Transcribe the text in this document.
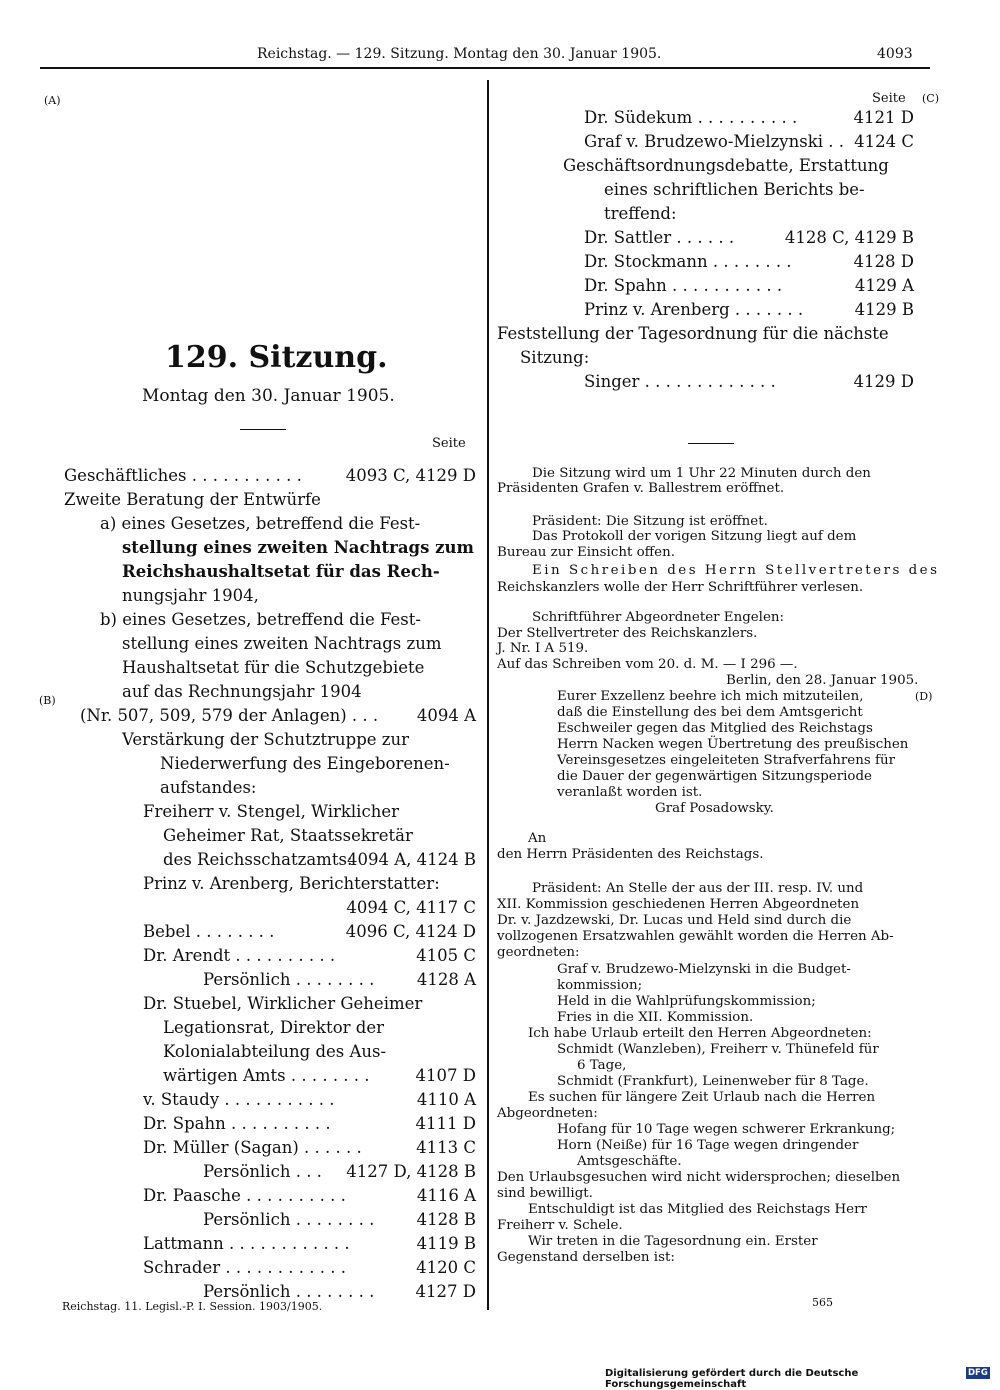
Reichstag. — 129. Sitzung. Montag den 30. Januar 1905.	4093
(A)
(B)
(C)
(D)
129. Sitzung.
Montag den 30. Januar 1905.
Seite
Seite
Geschäftliches . . . . . . . . . . .	4093 C, 4129 D
Zweite Beratung der Entwürfe
a) eines Gesetzes, betreffend die Fest-
stellung eines zweiten Nachtrags zum
Reichshaushaltsetat für das Rech-
nungsjahr 1904,
b) eines Gesetzes, betreffend die Fest-
stellung eines zweiten Nachtrags zum
Haushaltsetat für die Schutzgebiete
auf das Rechnungsjahr 1904
(Nr. 507, 509, 579 der Anlagen) . . . 4094 A
Verstärkung der Schutztruppe zur
Niederwerfung des Eingeborenen-
aufstandes:
Freiherr v. Stengel, Wirklicher
Geheimer Rat, Staatssekretär
des Reichsschatzamts:
4094 A, 4124 B
Prinz v. Arenberg, Berichterstatter:
4094 C, 4117 C
Bebel . . . . . . . .	4096 C, 4124 D
Dr. Arendt . . . . . . . . . .	4105 C
Persönlich . . . . . . . .	4128 A
Dr. Stuebel, Wirklicher Geheimer
Legationsrat, Direktor der
Kolonialabteilung des Aus-
wärtigen Amts . . . . . . . .	4107 D
v. Staudy . . . . . . . . . . .	4110 A
Dr. Spahn . . . . . . . . . .	4111 D
Dr. Müller (Sagan) . . . . . .	4113 C
Persönlich . . . 4127 D, 4128 B
Dr. Paasche . . . . . . . . . .	4116 A
Persönlich . . . . . . . .	4128 B
Lattmann . . . . . . . . . . . .	4119 B
Schrader . . . . . . . . . . . .	4120 C
Persönlich . . . . . . . . 4127 D
Dr. Südekum . . . . . . . . . .	4121 D
Graf v. Brudzewo-Mielzynski . . 4124 C
Geschäftsordnungsdebatte, Erstattung
eines schriftlichen Berichts be-
treffend:
Dr. Sattler . . . . . .	4128 C, 4129 B
Dr. Stockmann . . . . . . . .	4128 D
Dr. Spahn . . . . . . . . . . .	4129 A
Prinz v. Arenberg . . . . . . .	4129 B
Feststellung der Tagesordnung für die nächste
Sitzung:
Singer . . . . . . . . . . . . .	4129 D
Die Sitzung wird um 1 Uhr 22 Minuten durch den
Präsidenten Grafen v. Ballestrem eröffnet.
Präsident: Die Sitzung ist eröffnet.
Das Protokoll der vorigen Sitzung liegt auf dem
Bureau zur Einsicht offen.
Ein Schreiben des Herrn Stellvertreters des
Reichskanzlers wolle der Herr Schriftführer verlesen.
Schriftführer Abgeordneter Engelen:
Der Stellvertreter des Reichskanzlers.
J. Nr. I A 519.
Auf das Schreiben vom 20. d. M. — I 296 —.
Berlin, den 28. Januar 1905.
Eurer Exzellenz beehre ich mich mitzuteilen,
daß die Einstellung des bei dem Amtsgericht
Eschweiler gegen das Mitglied des Reichstags
Herrn Nacken wegen Übertretung des preußischen
Vereinsgesetzes eingeleiteten Strafverfahrens für
die Dauer der gegenwärtigen Sitzungsperiode
veranlaßt worden ist.
Graf Posadowsky.
An
den Herrn Präsidenten des Reichstags.
Präsident: An Stelle der aus der III. resp. IV. und
XII. Kommission geschiedenen Herren Abgeordneten
Dr. v. Jazdzewski, Dr. Lucas und Held sind durch die
vollzogenen Ersatzwahlen gewählt worden die Herren Ab-
geordneten:
Graf v. Brudzewo-Mielzynski in die Budget-
kommission;
Held in die Wahlprüfungskommission;
Fries in die XII. Kommission.
Ich habe Urlaub erteilt den Herren Abgeordneten:
Schmidt (Wanzleben), Freiherr v. Thünefeld für
6 Tage,
Schmidt (Frankfurt), Leinenweber für 8 Tage.
Es suchen für längere Zeit Urlaub nach die Herren
Abgeordneten:
Hofang für 10 Tage wegen schwerer Erkrankung;
Horn (Neiße) für 16 Tage wegen dringender
Amtsgeschäfte.
Den Urlaubsgesuchen wird nicht widersprochen; dieselben
sind bewilligt.
Entschuldigt ist das Mitglied des Reichstags Herr
Freiherr v. Schele.
Wir treten in die Tagesordnung ein. Erster
Gegenstand derselben ist:
Reichstag. 11. Legisl.-P. I. Session. 1903/1905.	565
Digitalisierung gefördert durch die Deutsche Forschungsgemeinschaft
DFG
